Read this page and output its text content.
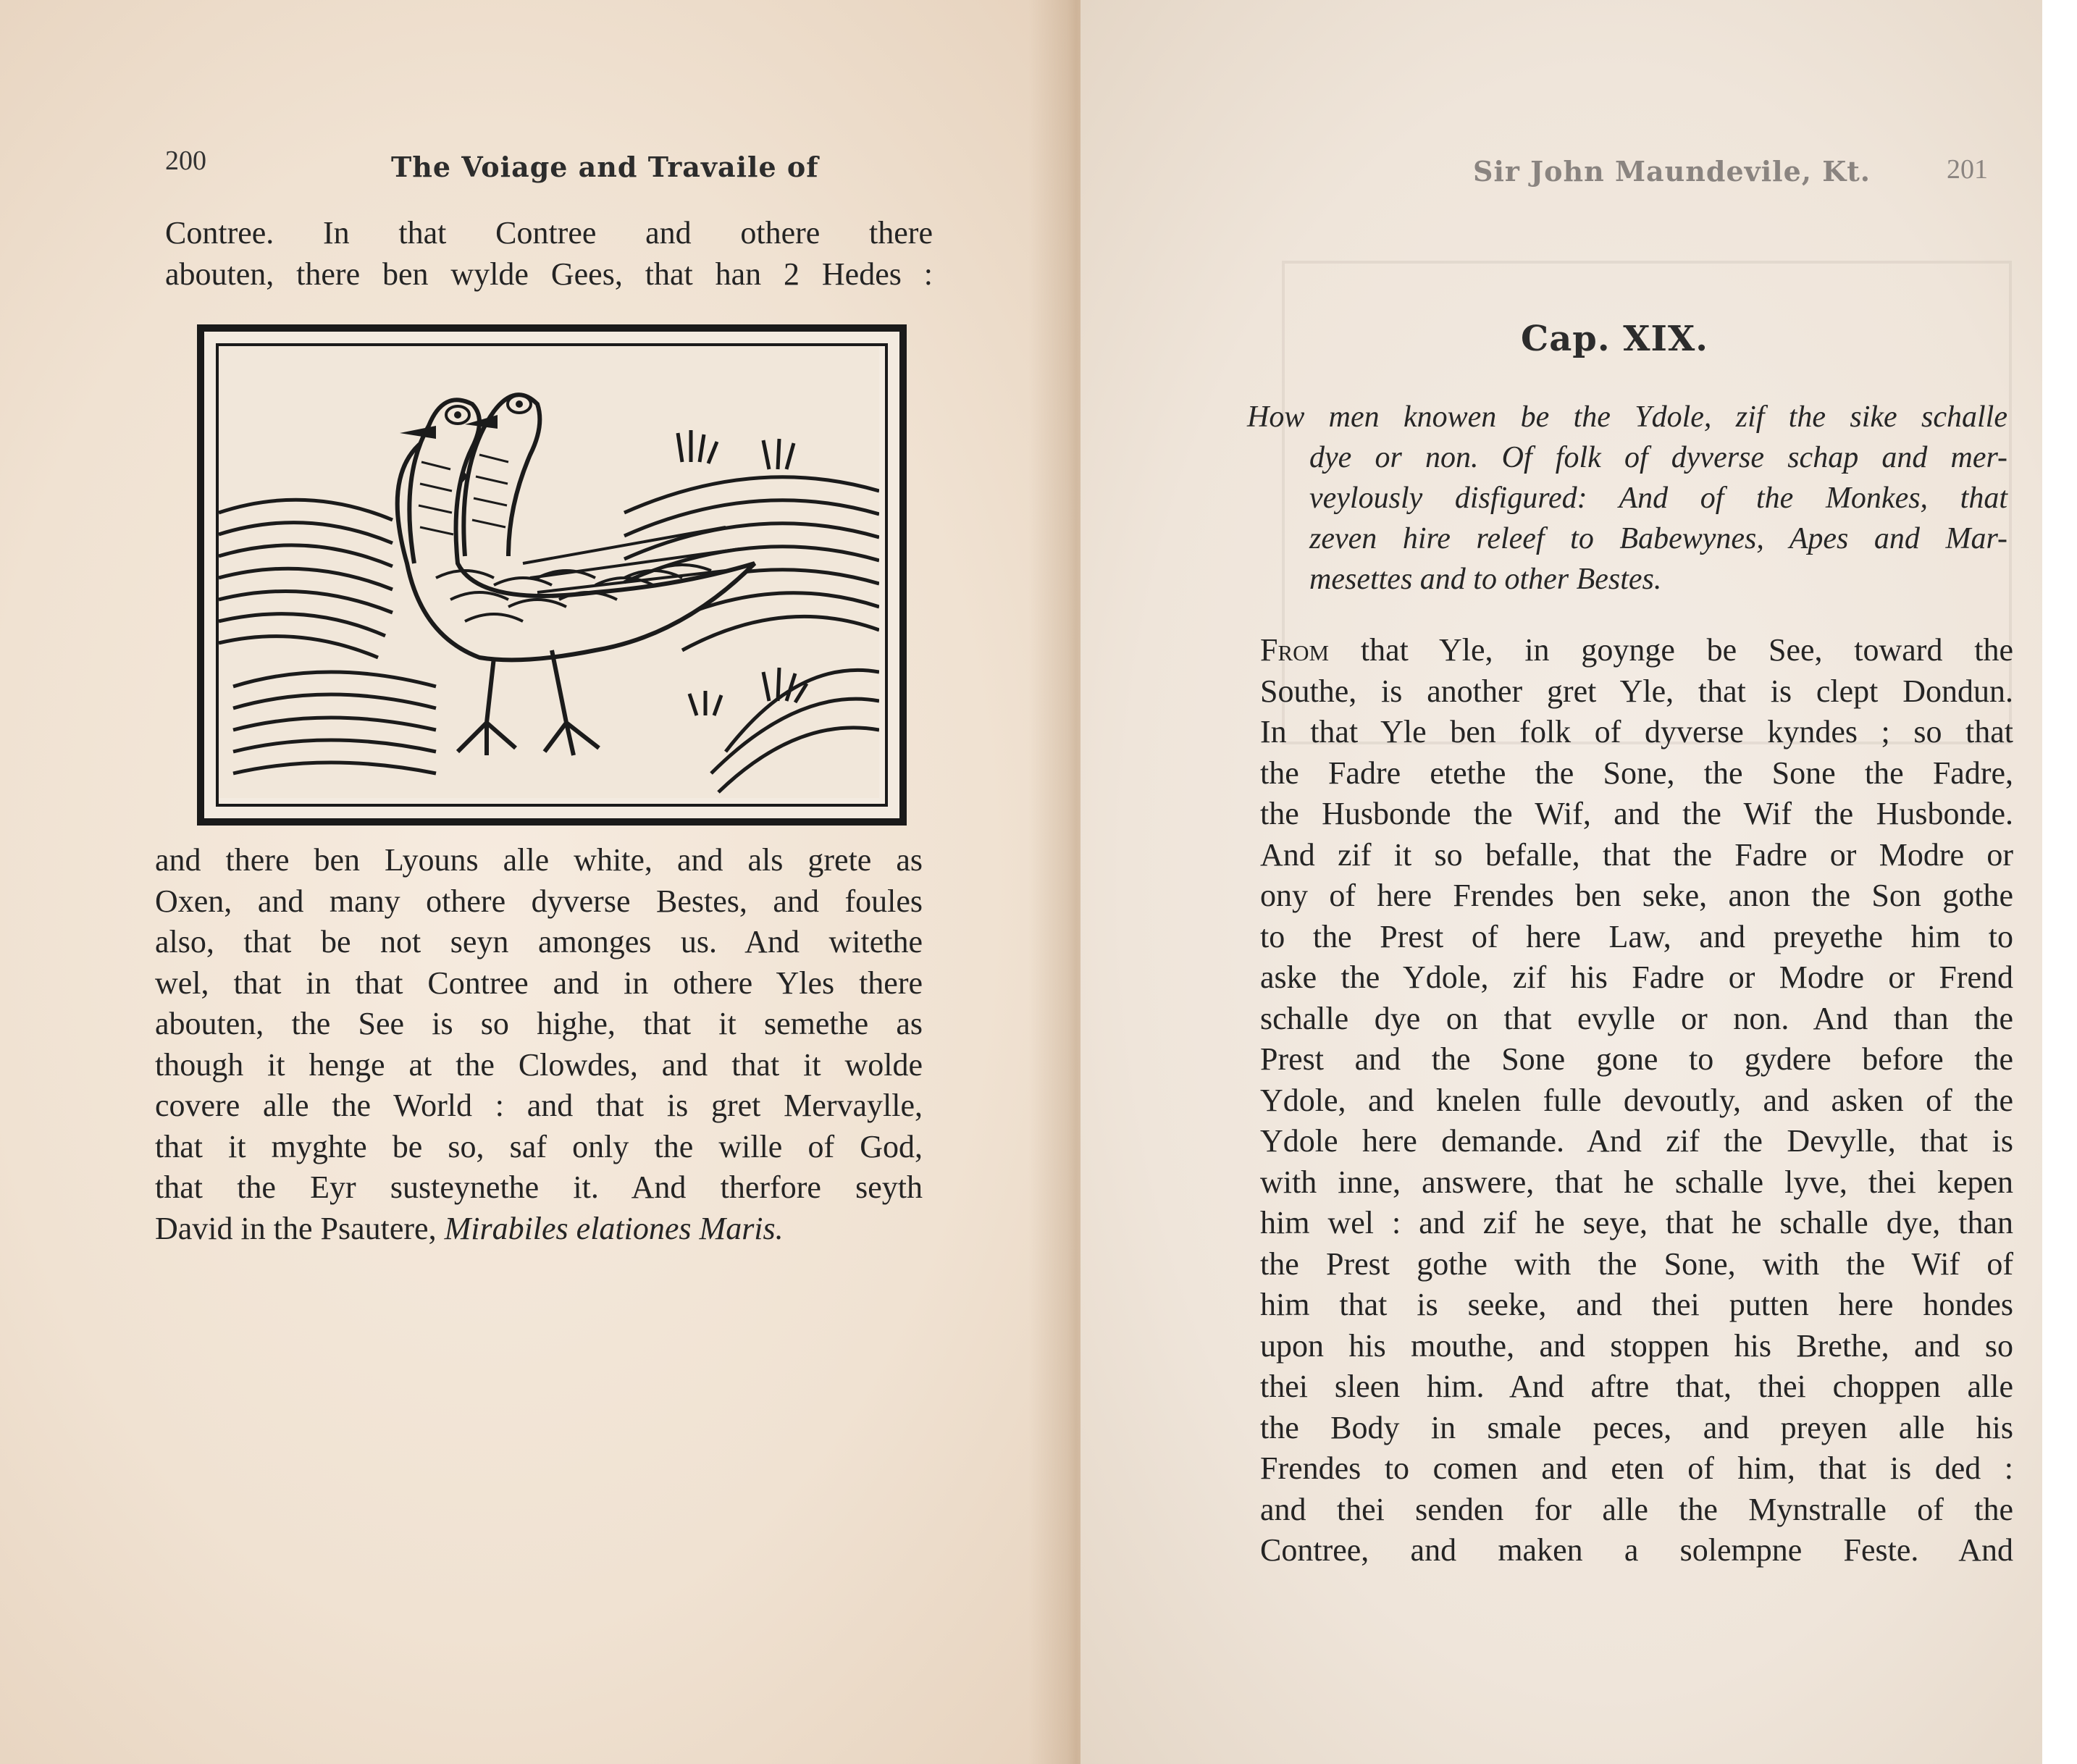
200	The Voiage and Travaile of
Contree. In that Contree and othere there
abouten, there ben wylde Gees, that han 2 Hedes :
and there ben Lyouns alle white, and als grete as
Oxen, and many othere dyverse Bestes, and foules
also, that be not seyn amonges us. And witethe
wel, that in that Contree and in othere Yles there
abouten, the See is so highe, that it semethe as
though it henge at the Clowdes, and that it wolde
covere alle the World : and that is gret Mervaylle,
that it myghte be so, saf only the wille of God,
that the Eyr susteynethe it. And therfore seyth
David in the Psautere, Mirabiles elationes Maris.
Sir John Maundevile, Kt.	201
Cap. XIX.
How men knowen be the Ydole, zif the sike schalle
dye or non. Of folk of dyverse schap and mer-
veylously disfigured: And of the Monkes, that
zeven hire releef to Babewynes, Apes and Mar-
mesettes and to other Bestes.
From that Yle, in goynge be See, toward the
Southe, is another gret Yle, that is clept Dondun.
In that Yle ben folk of dyverse kyndes ; so that
the Fadre etethe the Sone, the Sone the Fadre,
the Husbonde the Wif, and the Wif the Husbonde.
And zif it so befalle, that the Fadre or Modre or
ony of here Frendes ben seke, anon the Son gothe
to the Prest of here Law, and preyethe him to
aske the Ydole, zif his Fadre or Modre or Frend
schalle dye on that evylle or non. And than the
Prest and the Sone gone to gydere before the
Ydole, and knelen fulle devoutly, and asken of the
Ydole here demande. And zif the Devylle, that is
with inne, answere, that he schalle lyve, thei kepen
him wel : and zif he seye, that he schalle dye, than
the Prest gothe with the Sone, with the Wif of
him that is seeke, and thei putten here hondes
upon his mouthe, and stoppen his Brethe, and so
thei sleen him. And aftre that, thei choppen alle
the Body in smale peces, and preyen alle his
Frendes to comen and eten of him, that is ded :
and thei senden for alle the Mynstralle of the
Contree, and maken a solempne Feste. And
